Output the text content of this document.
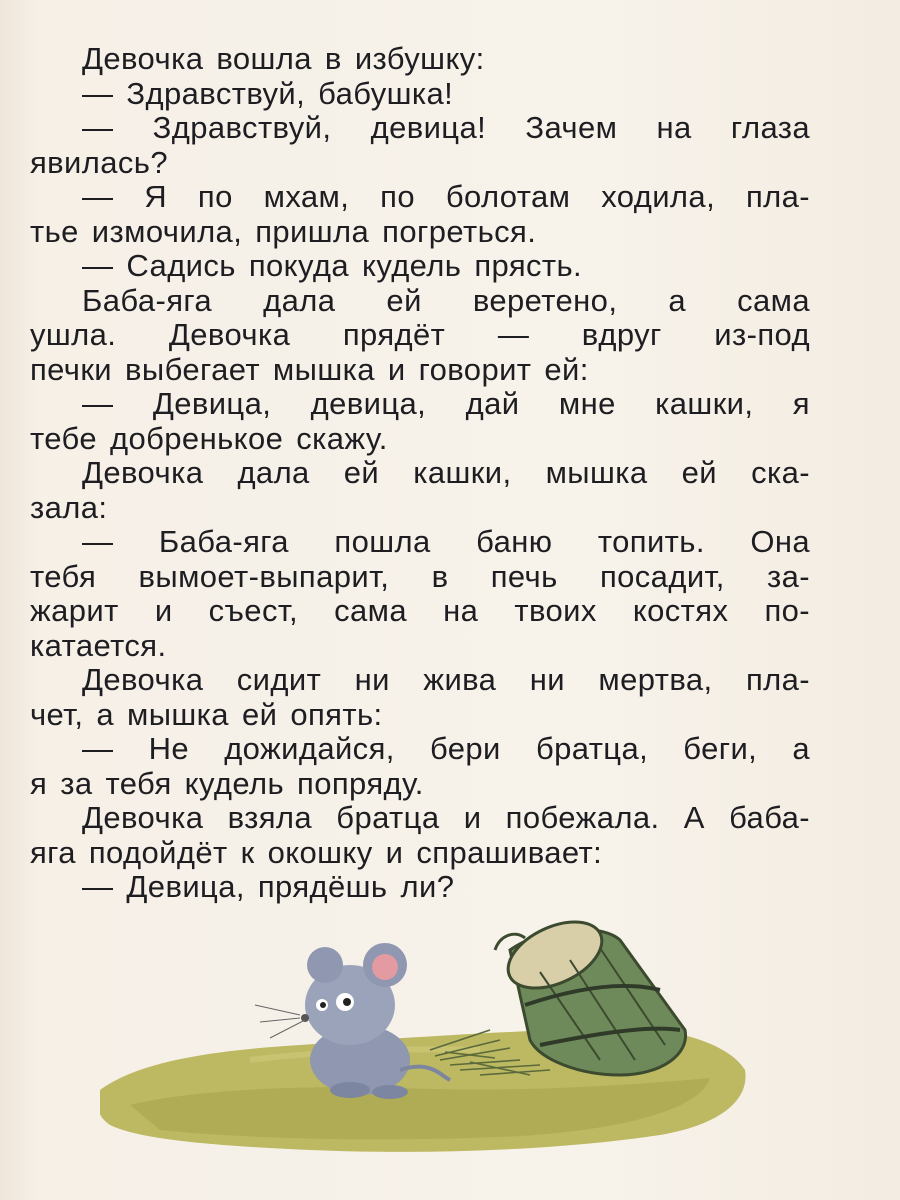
Девочка вошла в избушку:
— Здравствуй, бабушка!
— Здравствуй, девица! Зачем на глаза
явилась?
— Я по мхам, по болотам ходила, пла-
тье измочила, пришла погреться.
— Садись покуда кудель прясть.
Баба-яга дала ей веретено, а сама
ушла. Девочка прядёт — вдруг из-под
печки выбегает мышка и говорит ей:
— Девица, девица, дай мне кашки, я
тебе добренькое скажу.
Девочка дала ей кашки, мышка ей ска-
зала:
— Баба-яга пошла баню топить. Она
тебя вымоет-выпарит, в печь посадит, за-
жарит и съест, сама на твоих костях по-
катается.
Девочка сидит ни жива ни мертва, пла-
чет, а мышка ей опять:
— Не дожидайся, бери братца, беги, а
я за тебя кудель попряду.
Девочка взяла братца и побежала. А баба-
яга подойдёт к окошку и спрашивает:
— Девица, прядёшь ли?
